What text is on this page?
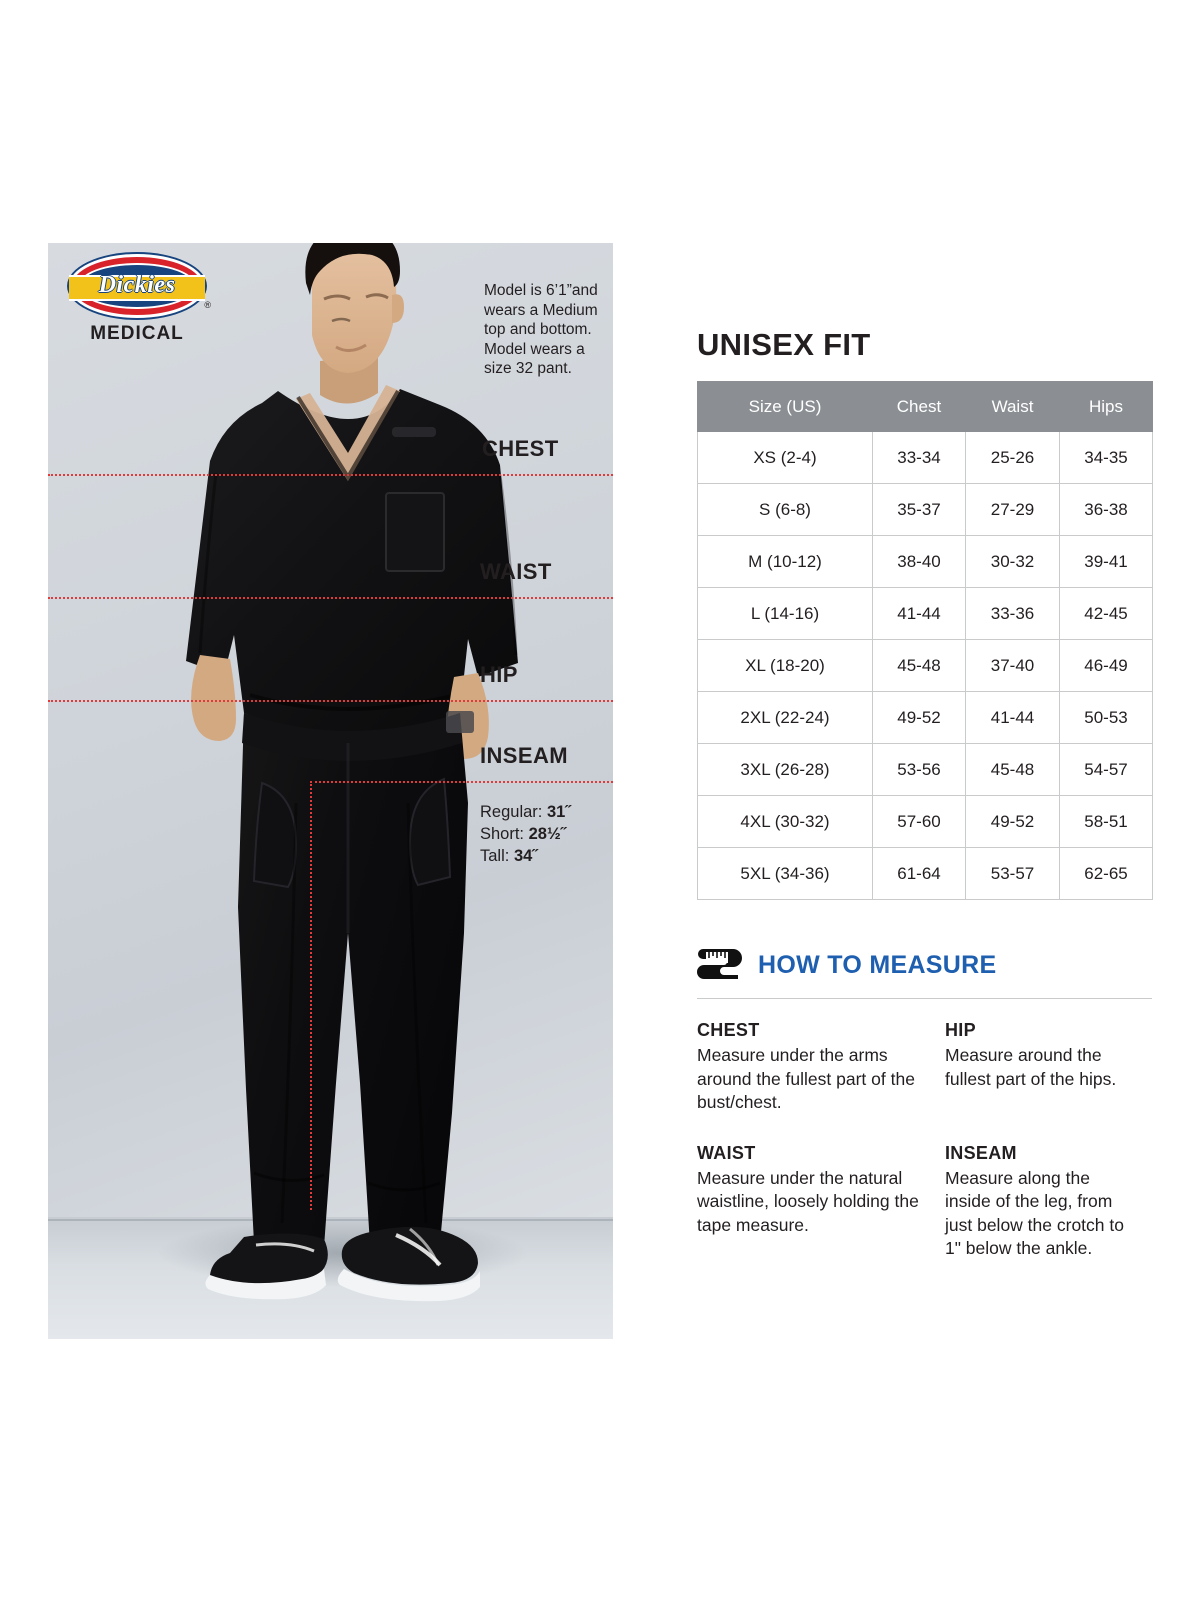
Dickies
®
MEDICAL
Model is 6’1”and wears a Medium top and bottom. Model wears a size 32 pant.
CHEST
WAIST
HIP
INSEAM
Regular: 31˝
Short: 28½˝
Tall: 34˝
UNISEX FIT
Size (US)	Chest	Waist	Hips
XS (2-4)	33-34	25-26	34-35
S (6-8)	35-37	27-29	36-38
M (10-12)	38-40	30-32	39-41
L (14-16)	41-44	33-36	42-45
XL (18-20)	45-48	37-40	46-49
2XL (22-24)	49-52	41-44	50-53
3XL (26-28)	53-56	45-48	54-57
4XL (30-32)	57-60	49-52	58-51
5XL (34-36)	61-64	53-57	62-65
HOW TO MEASURE
CHEST
Measure under the arms around the fullest part of the bust/chest.
HIP
Measure around the fullest part of the hips.
WAIST
Measure under the natural waistline, loosely holding the tape measure.
INSEAM
Measure along the inside of the leg, from just below the crotch to 1" below the ankle.
